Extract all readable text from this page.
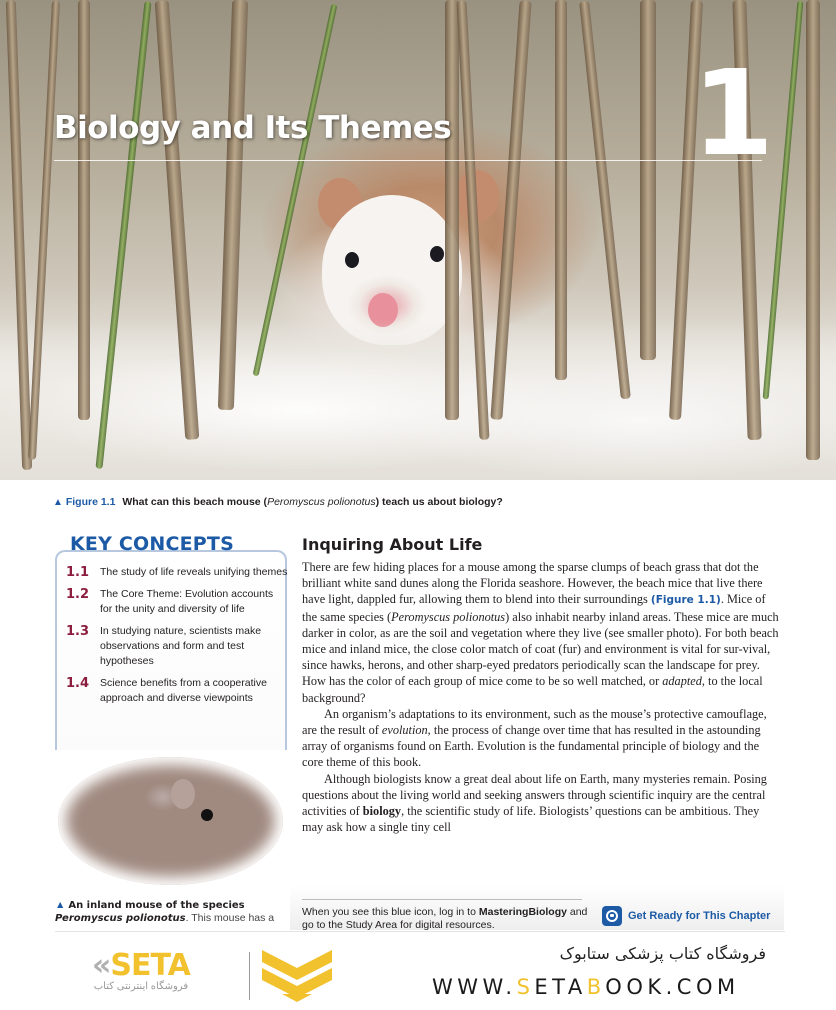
Biology and Its Themes 1
▲ Figure 1.1 What can this beach mouse (Peromyscus polionotus) teach us about biology?
KEY CONCEPTS
1.1	The study of life reveals unifying themes
1.2	The Core Theme: Evolution accounts for the unity and diversity of life
1.3	In studying nature, scientists make observations and form and test hypotheses
1.4	Science benefits from a cooperative approach and diverse viewpoints
▲ An inland mouse of the species
Peromyscus polionotus. This mouse has a
Inquiring About Life

There are few hiding places for a mouse among the sparse clumps of beach grass that dot the brilliant white sand dunes along the Florida seashore. However, the beach mice that live there have light, dappled fur, allowing them to blend into their surroundings (Figure 1.1). Mice of the same species (Peromyscus polionotus) also inhabit nearby inland areas. These mice are much darker in color, as are the soil and vegetation where they live (see smaller photo). For both beach mice and inland mice, the close color match of coat (fur) and environment is vital for sur-vival, since hawks, herons, and other sharp-eyed predators periodically scan the landscape for prey. How has the color of each group of mice come to be so well matched, or adapted, to the local background?

An organism’s adaptations to its environment, such as the mouse’s protective camouflage, are the result of evolution, the process of change over time that has resulted in the astounding array of organisms found on Earth. Evolution is the fundamental principle of biology and the core theme of this book.

Although biologists know a great deal about life on Earth, many mysteries remain. Posing questions about the living world and seeking answers through scientific inquiry are the central activities of biology, the scientific study of life. Biologists’ questions can be ambitious. They may ask how a single tiny cell

When you see this blue icon, log in to MasteringBiology and go to the Study Area for digital resources.
Get Ready for This Chapter
«SETA
فروشگاه اینترنتی کتاب
فروشگاه کتاب پزشکی ستابوک
WWW.SETABOOK.COM
